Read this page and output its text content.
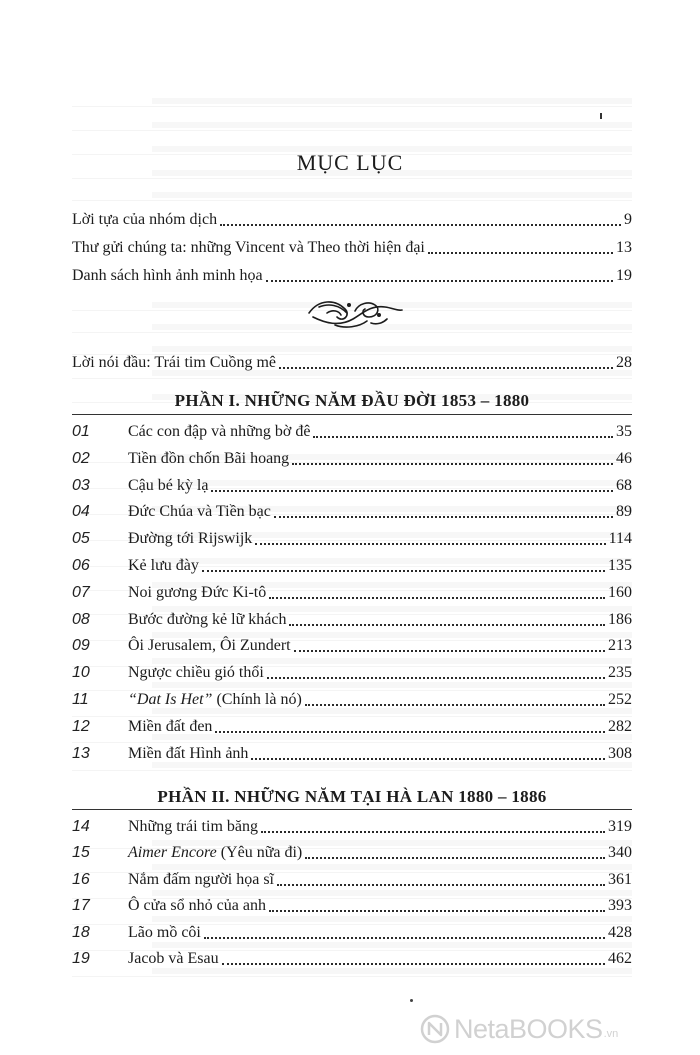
MỤC LỤC
Lời tựa của nhóm dịch	9
Thư gửi chúng ta: những Vincent và Theo thời hiện đại	13
Danh sách hình ảnh minh họa	19
Lời nói đầu: Trái tim Cuồng mê	28
PHẦN I. NHỮNG NĂM ĐẦU ĐỜI 1853 – 1880
01	Các con đập và những bờ đê	35
02	Tiền đồn chốn Bãi hoang	46
03	Cậu bé kỳ lạ	68
04	Đức Chúa và Tiền bạc	89
05	Đường tới Rijswijk	114
06	Kẻ lưu đày	135
07	Noi gương Đức Ki-tô	160
08	Bước đường kẻ lữ khách	186
09	Ôi Jerusalem, Ôi Zundert	213
10	Ngược chiều gió thổi	235
11	“Dat Is Het” (Chính là nó)	252
12	Miền đất đen	282
13	Miền đất Hình ảnh	308
PHẦN II. NHỮNG NĂM TẠI HÀ LAN 1880 – 1886
14	Những trái tim băng	319
15	Aimer Encore (Yêu nữa đi)	340
16	Nắm đấm người họa sĩ	361
17	Ô cửa sổ nhỏ của anh	393
18	Lão mồ côi	428
19	Jacob và Esau	462
NetaBOOKS .vn
